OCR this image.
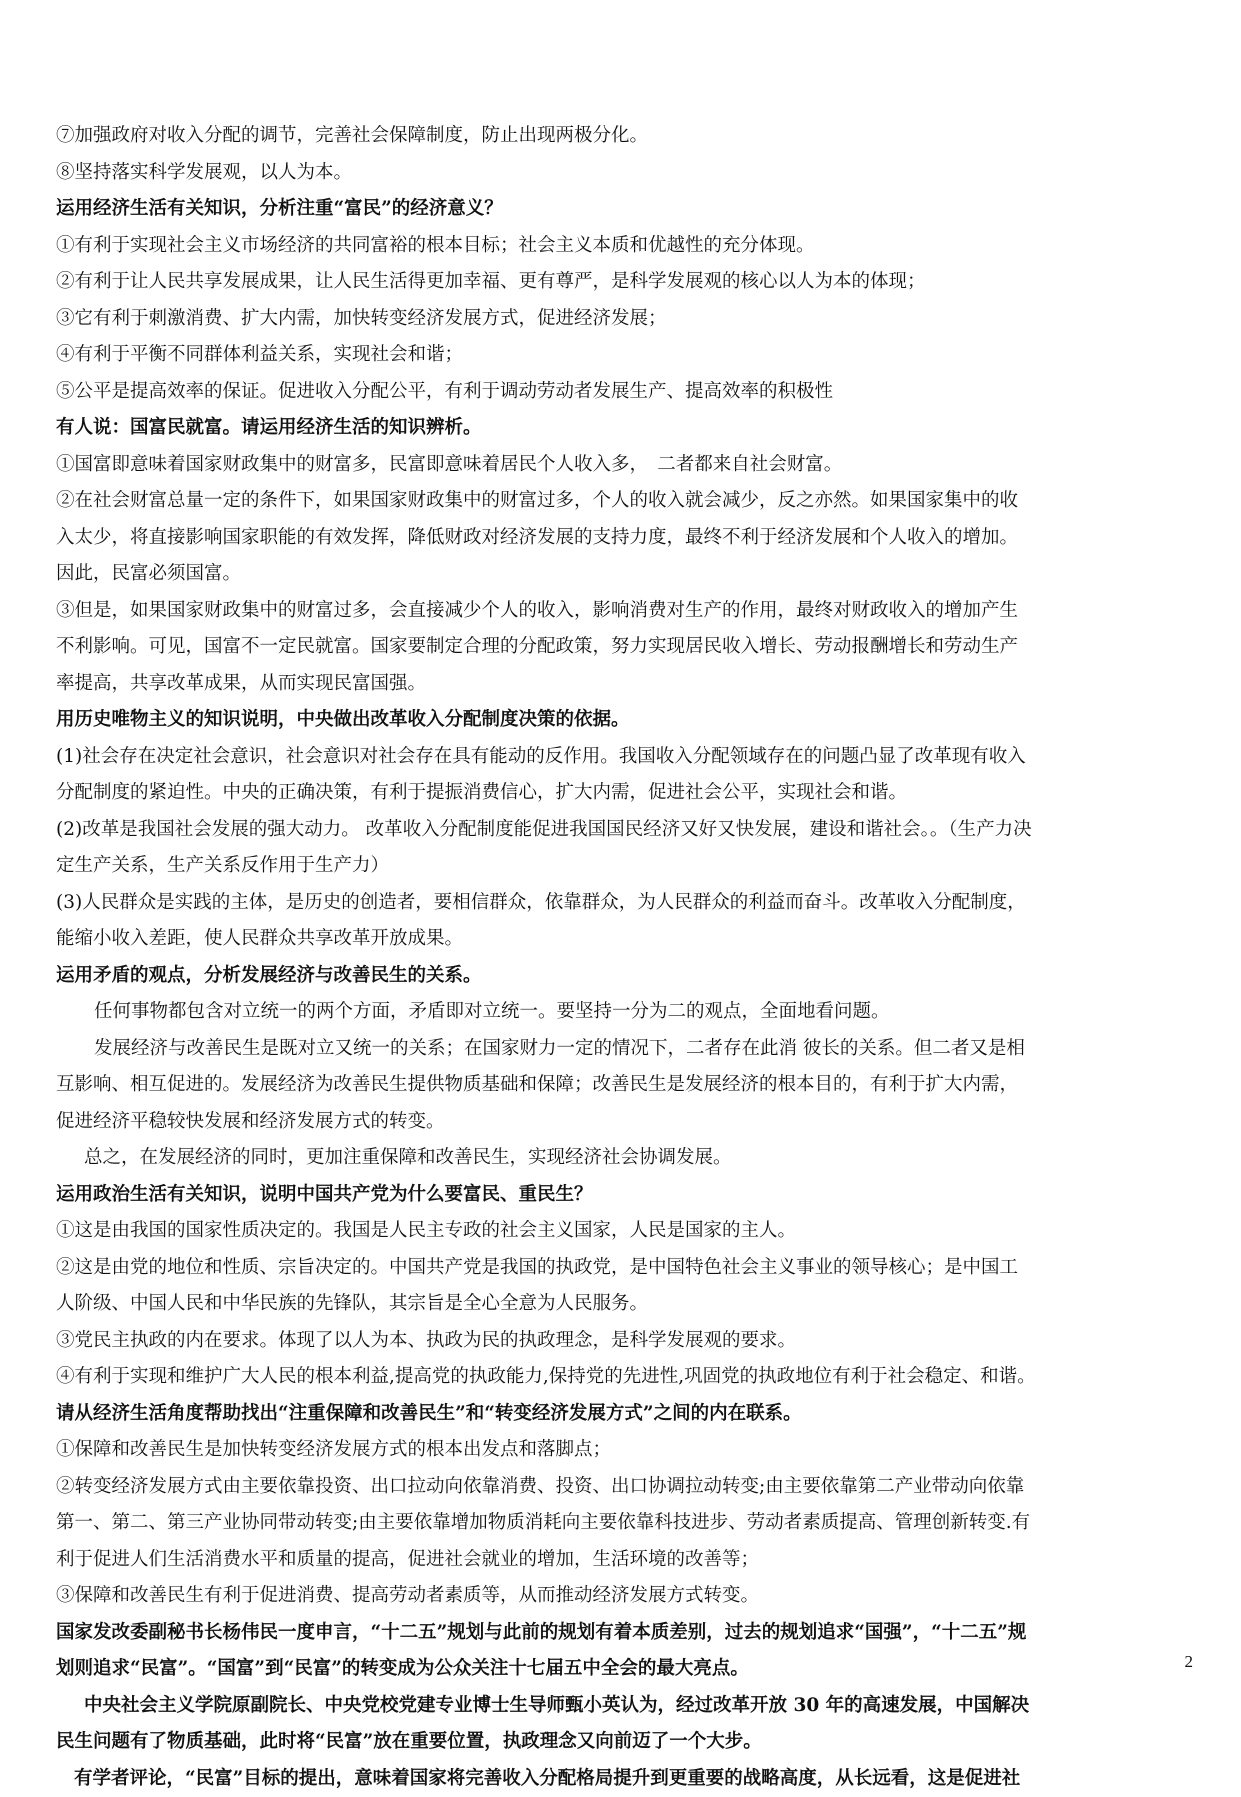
⑦加强政府对收入分配的调节，完善社会保障制度，防止出现两极分化。
⑧坚持落实科学发展观，以人为本。
运用经济生活有关知识，分析注重“富民”的经济意义？
①有利于实现社会主义市场经济的共同富裕的根本目标；社会主义本质和优越性的充分体现。
②有利于让人民共享发展成果，让人民生活得更加幸福、更有尊严，是科学发展观的核心以人为本的体现；
③它有利于刺激消费、扩大内需，加快转变经济发展方式，促进经济发展；
④有利于平衡不同群体利益关系，实现社会和谐；
⑤公平是提高效率的保证。促进收入分配公平，有利于调动劳动者发展生产、提高效率的积极性
有人说：国富民就富。请运用经济生活的知识辨析。
①国富即意味着国家财政集中的财富多，民富即意味着居民个人收入多，　二者都来自社会财富。
②在社会财富总量一定的条件下，如果国家财政集中的财富过多，个人的收入就会减少，反之亦然。如果国家集中的收
入太少，将直接影响国家职能的有效发挥，降低财政对经济发展的支持力度，最终不利于经济发展和个人收入的增加。
因此，民富必须国富。
③但是，如果国家财政集中的财富过多，会直接减少个人的收入，影响消费对生产的作用，最终对财政收入的增加产生
不利影响。可见，国富不一定民就富。国家要制定合理的分配政策，努力实现居民收入增长、劳动报酬增长和劳动生产
率提高，共享改革成果，从而实现民富国强。
用历史唯物主义的知识说明，中央做出改革收入分配制度决策的依据。
(1)社会存在决定社会意识，社会意识对社会存在具有能动的反作用。我国收入分配领域存在的问题凸显了改革现有收入
分配制度的紧迫性。中央的正确决策，有利于提振消费信心，扩大内需，促进社会公平，实现社会和谐。
(2)改革是我国社会发展的强大动力。 改革收入分配制度能促进我国国民经济又好又快发展，建设和谐社会。。（生产力决
定生产关系，生产关系反作用于生产力）
(3)人民群众是实践的主体，是历史的创造者，要相信群众，依靠群众，为人民群众的利益而奋斗。改革收入分配制度，
能缩小收入差距，使人民群众共享改革开放成果。
运用矛盾的观点，分析发展经济与改善民生的关系。
任何事物都包含对立统一的两个方面，矛盾即对立统一。要坚持一分为二的观点，全面地看问题。
发展经济与改善民生是既对立又统一的关系；在国家财力一定的情况下，二者存在此消 彼长的关系。但二者又是相
互影响、相互促进的。发展经济为改善民生提供物质基础和保障；改善民生是发展经济的根本目的，有利于扩大内需，
促进经济平稳较快发展和经济发展方式的转变。
总之，在发展经济的同时，更加注重保障和改善民生，实现经济社会协调发展。
运用政治生活有关知识，说明中国共产党为什么要富民、重民生？
①这是由我国的国家性质决定的。我国是人民主专政的社会主义国家，人民是国家的主人。
②这是由党的地位和性质、宗旨决定的。中国共产党是我国的执政党，是中国特色社会主义事业的领导核心；是中国工
人阶级、中国人民和中华民族的先锋队，其宗旨是全心全意为人民服务。
③党民主执政的内在要求。体现了以人为本、执政为民的执政理念，是科学发展观的要求。
④有利于实现和维护广大人民的根本利益,提高党的执政能力,保持党的先进性,巩固党的执政地位有利于社会稳定、和谐。
请从经济生活角度帮助找出“注重保障和改善民生”和“转变经济发展方式”之间的内在联系。
①保障和改善民生是加快转变经济发展方式的根本出发点和落脚点；
②转变经济发展方式由主要依靠投资、出口拉动向依靠消费、投资、出口协调拉动转变;由主要依靠第二产业带动向依靠
第一、第二、第三产业协同带动转变;由主要依靠增加物质消耗向主要依靠科技进步、劳动者素质提高、管理创新转变.有
利于促进人们生活消费水平和质量的提高，促进社会就业的增加，生活环境的改善等；
③保障和改善民生有利于促进消费、提高劳动者素质等，从而推动经济发展方式转变。
国家发改委副秘书长杨伟民一度申言，“十二五”规划与此前的规划有着本质差别，过去的规划追求“国强”，“十二五”规
划则追求“民富”。“国富”到“民富”的转变成为公众关注十七届五中全会的最大亮点。
中央社会主义学院原副院长、中央党校党建专业博士生导师甄小英认为，经过改革开放 30 年的高速发展，中国解决
民生问题有了物质基础，此时将“民富”放在重要位置，执政理念又向前迈了一个大步。
有学者评论，“民富”目标的提出，意味着国家将完善收入分配格局提升到更重要的战略高度，从长远看，这是促进社
2
